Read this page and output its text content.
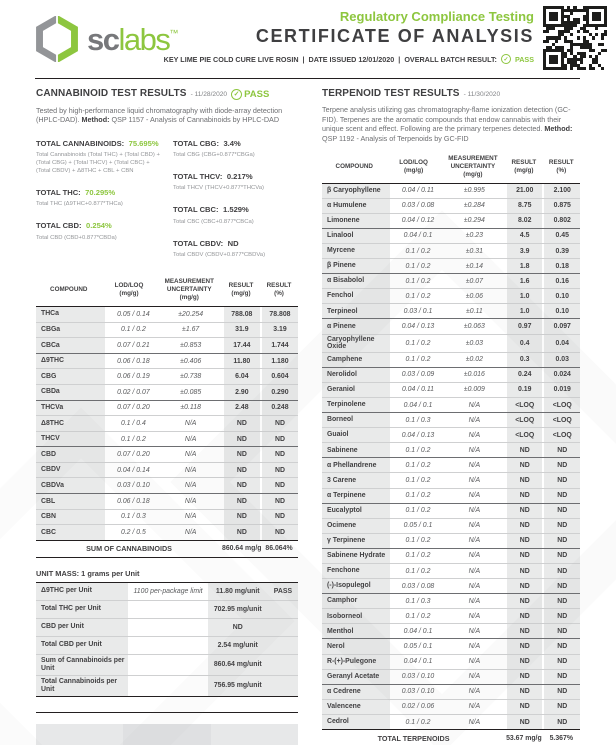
sclabs™
Regulatory Compliance Testing
CERTIFICATE OF ANALYSIS
KEY LIME PIE COLD CURE LIVE ROSIN | DATE ISSUED 12/01/2020 | OVERALL BATCH RESULT:	✓ PASS
CANNABINOID TEST RESULTS - 11/28/2020 ✓ PASS

Tested by high-performance liquid chromatography with diode-array detection (HPLC-DAD). Method: QSP 1157 - Analysis of Cannabinoids by HPLC-DAD

TOTAL CANNABINOIDS: 75.695%
Total Cannabinoids (Total THC) + (Total CBD) + (Total CBG) + (Total THCV) + (Total CBC) + (Total CBDV) + Δ8THC + CBL + CBN
TOTAL THC: 70.295%
Total THC (Δ9THC+0.877*THCa)
TOTAL CBD: 0.254%
Total CBD (CBD+0.877*CBDa)
TOTAL CBG: 3.4%
Total CBG (CBG+0.877*CBGa)
TOTAL THCV: 0.217%
Total THCV (THCV+0.877*THCVa)
TOTAL CBC: 1.529%
Total CBC (CBC+0.877*CBCa)
TOTAL CBDV: ND
Total CBDV (CBDV+0.877*CBDVa)
COMPOUND
LOD/LOQ
(mg/g)
MEASUREMENT UNCERTAINTY
(mg/g)
RESULT
(mg/g)
RESULT
(%)
THCa	0.05 / 0.14	±20.254	788.08	78.808
CBGa	0.1 / 0.2	±1.67	31.9	3.19
CBCa	0.07 / 0.21	±0.853	17.44	1.744
Δ9THC	0.06 / 0.18	±0.406	11.80	1.180
CBG	0.06 / 0.19	±0.738	6.04	0.604
CBDa	0.02 / 0.07	±0.085	2.90	0.290
THCVa	0.07 / 0.20	±0.118	2.48	0.248
Δ8THC	0.1 / 0.4	N/A	ND	ND
THCV	0.1 / 0.2	N/A	ND	ND
CBD	0.07 / 0.20	N/A	ND	ND
CBDV	0.04 / 0.14	N/A	ND	ND
CBDVa	0.03 / 0.10	N/A	ND	ND
CBL	0.06 / 0.18	N/A	ND	ND
CBN	0.1 / 0.3	N/A	ND	ND
CBC	0.2 / 0.5	N/A	ND	ND
SUM OF CANNABINOIDS	860.64 mg/g 86.064%
UNIT MASS: 1 grams per Unit
Δ9THC per Unit	1100 per-package limit	11.80 mg/unit	PASS
Total THC per Unit	702.95 mg/unit
CBD per Unit	ND
Total CBD per Unit	2.54 mg/unit
Sum of Cannabinoids per Unit	860.64 mg/unit
Total Cannabinoids per Unit	756.95 mg/unit
TERPENOID TEST RESULTS - 11/30/2020

Terpene analysis utilizing gas chromatography-flame ionization detection (GC-FID). Terpenes are the aromatic compounds that endow cannabis with their unique scent and effect. Following are the primary terpenes detected. Method: QSP 1192 - Analysis of Terpenoids by GC-FID

COMPOUND
LOD/LOQ
(mg/g)
MEASUREMENT UNCERTAINTY
(mg/g)
RESULT
(mg/g)
RESULT
(%)
β Caryophyllene	0.04 / 0.11	±0.995	21.00	2.100
α Humulene	0.03 / 0.08	±0.284	8.75	0.875
Limonene	0.04 / 0.12	±0.294	8.02	0.802
Linalool	0.04 / 0.1	±0.23	4.5	0.45
Myrcene	0.1 / 0.2	±0.31	3.9	0.39
β Pinene	0.1 / 0.2	±0.14	1.8	0.18
α Bisabolol	0.1 / 0.2	±0.07	1.6	0.16
Fenchol	0.1 / 0.2	±0.06	1.0	0.10
Terpineol	0.03 / 0.1	±0.11	1.0	0.10
α Pinene	0.04 / 0.13	±0.063	0.97	0.097
Caryophyllene Oxide	0.1 / 0.2	±0.03	0.4	0.04
Camphene	0.1 / 0.2	±0.02	0.3	0.03
Nerolidol	0.03 / 0.09	±0.016	0.24	0.024
Geraniol	0.04 / 0.11	±0.009	0.19	0.019
Terpinolene	0.04 / 0.1	N/A	<LOQ	<LOQ
Borneol	0.1 / 0.3	N/A	<LOQ	<LOQ
Guaiol	0.04 / 0.13	N/A	<LOQ	<LOQ
Sabinene	0.1 / 0.2	N/A	ND	ND
α Phellandrene	0.1 / 0.2	N/A	ND	ND
3 Carene	0.1 / 0.2	N/A	ND	ND
α Terpinene	0.1 / 0.2	N/A	ND	ND
Eucalyptol	0.1 / 0.2	N/A	ND	ND
Ocimene	0.05 / 0.1	N/A	ND	ND
γ Terpinene	0.1 / 0.2	N/A	ND	ND
Sabinene Hydrate	0.1 / 0.2	N/A	ND	ND
Fenchone	0.1 / 0.2	N/A	ND	ND
(-)-Isopulegol	0.03 / 0.08	N/A	ND	ND
Camphor	0.1 / 0.3	N/A	ND	ND
Isoborneol	0.1 / 0.2	N/A	ND	ND
Menthol	0.04 / 0.1	N/A	ND	ND
Nerol	0.05 / 0.1	N/A	ND	ND
R-(+)-Pulegone	0.04 / 0.1	N/A	ND	ND
Geranyl Acetate	0.03 / 0.10	N/A	ND	ND
α Cedrene	0.03 / 0.10	N/A	ND	ND
Valencene	0.02 / 0.06	N/A	ND	ND
Cedrol	0.1 / 0.2	N/A	ND	ND
TOTAL TERPENOIDS	53.67 mg/g	5.367%
